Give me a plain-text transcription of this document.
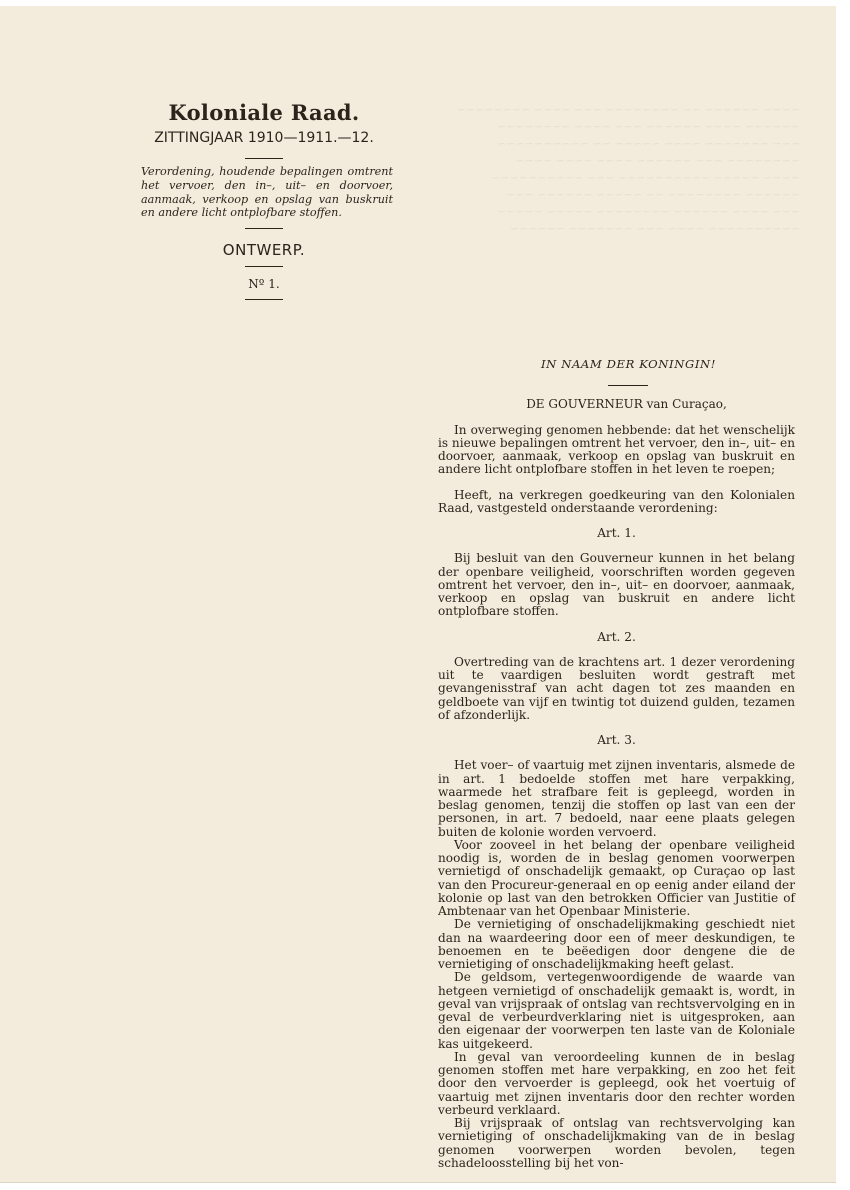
~~~~ ~~~~~~ ~~ ~~~~~~~~ ~~~ ~~~~ ~~~~~~~~
~~~~~~ ~~~~ ~~~~~~ ~~~ ~~~~ ~~~~~~~~
~~~ ~~~~~~~ ~~~~ ~~~~~ ~~ ~~~~~~~~~~
~~~~~~~~ ~~~ ~~~~~~ ~~~~ ~~~~ ~~~~
~~~~ ~~~~~ ~~~~~~~~~~ ~~~ ~~~~~~~~~~
~~~~~~ ~~~~~~~~ ~~ ~~~~~ ~~~~~~ ~~~
~~~ ~~~~ ~~~~~~ ~~~~~~~~ ~~~~~ ~~~~~
~~~~~~~~~~ ~~~~ ~~~ ~~~~~~~ ~~~~~~
Koloniale Raad.
ZITTINGJAAR 1910—1911.—12.
Verordening, houdende bepalingen omtrent het vervoer, den in–, uit– en doorvoer, aanmaak, verkoop en opslag van buskruit en andere licht ontplofbare stoffen.
ONTWERP.
Nº 1.
IN NAAM DER KONINGIN!
DE GOUVERNEUR van Curaçao,

In overweging genomen hebbende: dat het wenschelijk is nieuwe bepalingen omtrent het vervoer, den in–, uit– en doorvoer, aanmaak, verkoop en opslag van buskruit en andere licht ontplofbare stoffen in het leven te roepen;

Heeft, na verkregen goedkeuring van den Kolonialen Raad, vastgesteld onderstaande verordening:

Art. 1.

Bij besluit van den Gouverneur kunnen in het belang der openbare veiligheid, voorschriften worden gegeven omtrent het vervoer, den in–, uit– en doorvoer, aanmaak, verkoop en opslag van buskruit en andere licht ontplofbare stoffen.

Art. 2.

Overtreding van de krachtens art. 1 dezer verordening uit te vaardigen besluiten wordt gestraft met gevangenisstraf van acht dagen tot zes maanden en geldboete van vijf en twintig tot duizend gulden, tezamen of afzonderlijk.

Art. 3.

Het voer– of vaartuig met zijnen inventaris, alsmede de in art. 1 bedoelde stoffen met hare verpakking, waarmede het strafbare feit is gepleegd, worden in beslag genomen, tenzij die stoffen op last van een der personen, in art. 7 bedoeld, naar eene plaats gelegen buiten de kolonie worden vervoerd.

Voor zooveel in het belang der openbare veiligheid noodig is, worden de in beslag genomen voorwerpen vernietigd of onschadelijk gemaakt, op Curaçao op last van den Procureur-generaal en op eenig ander eiland der kolonie op last van den betrokken Officier van Justitie of Ambtenaar van het Openbaar Ministerie.

De vernietiging of onschadelijkmaking geschiedt niet dan na waardeering door een of meer deskundigen, te benoemen en te beëedigen door dengene die de vernietiging of onschadelijkmaking heeft gelast.

De geldsom, vertegenwoordigende de waarde van hetgeen vernietigd of onschadelijk gemaakt is, wordt, in geval van vrijspraak of ontslag van rechtsvervolging en in geval de verbeurdverklaring niet is uitgesproken, aan den eigenaar der voorwerpen ten laste van de Koloniale kas uitgekeerd.

In geval van veroordeeling kunnen de in beslag genomen stoffen met hare verpakking, en zoo het feit door den vervoerder is gepleegd, ook het voertuig of vaartuig met zijnen inventaris door den rechter worden verbeurd verklaard.

Bij vrijspraak of ontslag van rechtsvervolging kan vernietiging of onschadelijkmaking van de in beslag genomen voorwerpen worden bevolen, tegen schadeloosstelling bij het von-
